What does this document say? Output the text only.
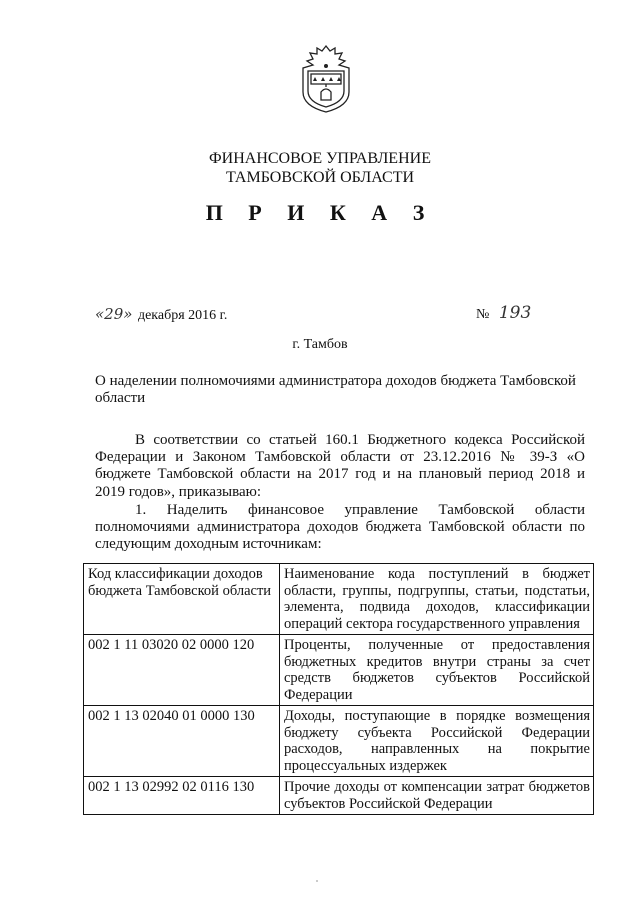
ФИНАНСОВОЕ УПРАВЛЕНИЕ
ТАМБОВСКОЙ ОБЛАСТИ
П Р И К А З
«29» декабря 2016 г.	№ 193
г. Тамбов
О наделении полномочиями администратора доходов бюджета Тамбовской области

В соответствии со статьей 160.1 Бюджетного кодекса Российской Федерации и Законом Тамбовской области от 23.12.2016 № 39-З «О бюджете Тамбовской области на 2017 год и на плановый период 2018 и 2019 годов», приказываю:

1. Наделить финансовое управление Тамбовской области полномочиями администратора доходов бюджета Тамбовской области по следующим доходным источникам:

Код классификации доходов бюджета Тамбовской области	Наименование кода поступлений в бюджет области, группы, подгруппы, статьи, подстатьи, элемента, подвида доходов, классификации операций сектора государственного управления
002 1 11 03020 02 0000 120	Проценты, полученные от предоставления бюджетных кредитов внутри страны за счет средств бюджетов субъектов Российской Федерации
002 1 13 02040 01 0000 130	Доходы, поступающие в порядке возмещения бюджету субъекта Российской Федерации расходов, направленных на покрытие процессуальных издержек
002 1 13 02992 02 0116 130	Прочие доходы от компенсации затрат бюджетов субъектов Российской Федерации
